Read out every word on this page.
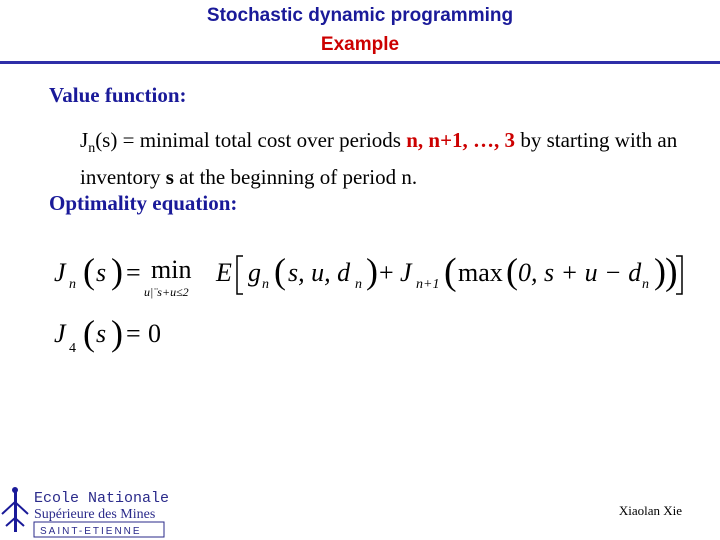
Stochastic dynamic programming
Example
Value function:
$J_n(s)$ = minimal total cost over periods n, n+1, …, 3 by starting with an inventory s at the beginning of period n.
Optimality equation:
J n ( s ) = min
u|¨s+u≤2
E g n ( s, u, d n ) + J n+1 ( max ( 0, s + u − d n ) )
J
4 ( s ) = 0
Ecole Nationale
Supérieure des Mines
SAINT-ETIENNE
Xiaolan Xie
